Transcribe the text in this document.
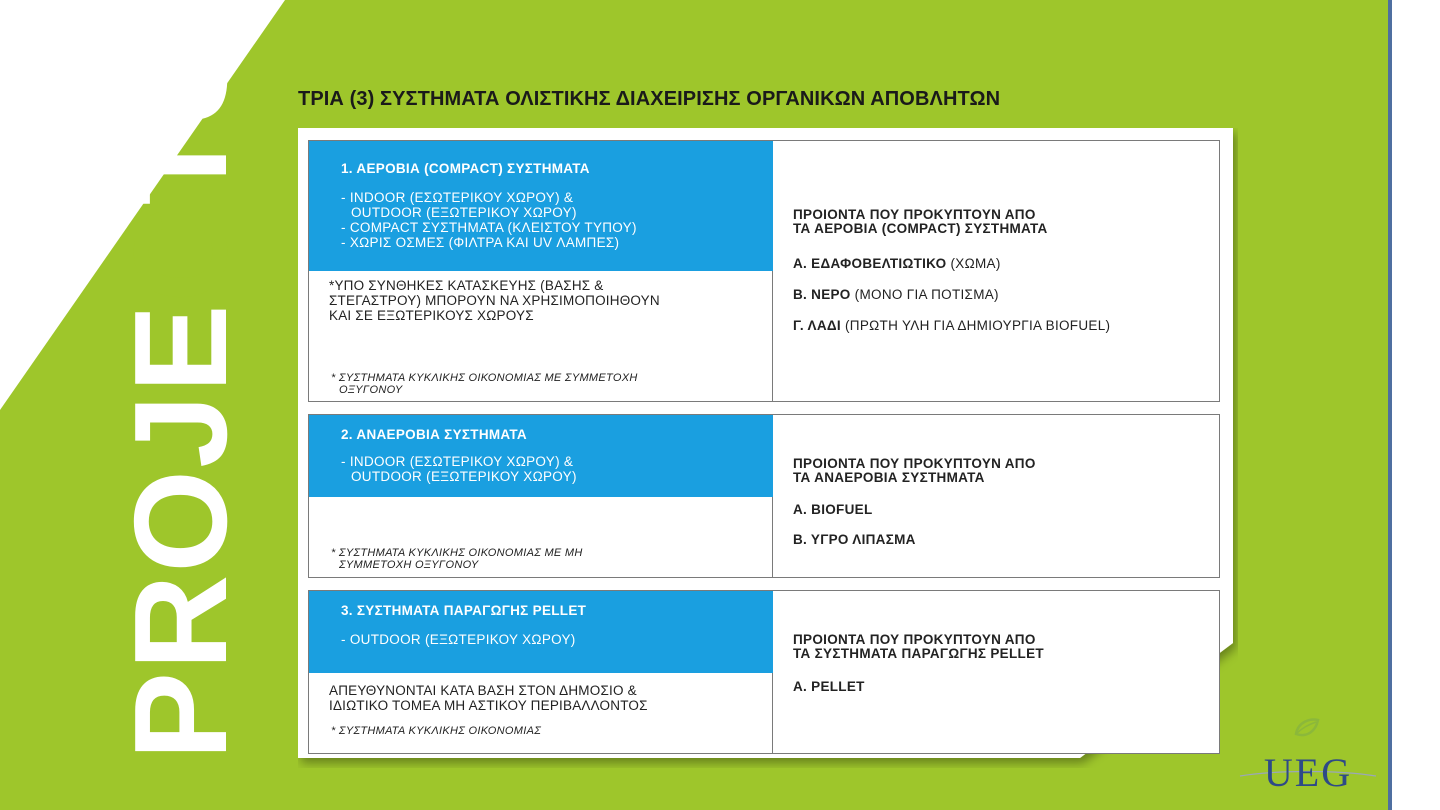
PROJECTS ΤΡΙΑ (3) ΣΥΣΤΗΜΑΤΑ ΟΛΙΣΤΙΚΗΣ ΔΙΑΧΕΙΡΙΣΗΣ ΟΡΓΑΝΙΚΩΝ ΑΠΟΒΛΗΤΩΝ
1. ΑΕΡΟΒΙΑ (COMPACT) ΣΥΣΤΗΜΑΤΑ
- INDOOR (ΕΣΩΤΕΡΙΚΟΥ ΧΩΡΟΥ) &
OUTDOOR (ΕΞΩΤΕΡΙΚΟΥ ΧΩΡΟΥ)
- COMPACT ΣΥΣΤΗΜΑΤΑ (ΚΛΕΙΣΤΟΥ ΤΥΠΟΥ)
- ΧΩΡΙΣ ΟΣΜΕΣ (ΦΙΛΤΡΑ ΚΑΙ UV ΛΑΜΠΕΣ)
*ΥΠΟ ΣΥΝΘΗΚΕΣ ΚΑΤΑΣΚΕΥΗΣ (ΒΑΣΗΣ &
ΣΤΕΓΑΣΤΡΟΥ) ΜΠΟΡΟΥΝ ΝΑ ΧΡΗΣΙΜΟΠΟΙΗΘΟΥΝ
ΚΑΙ ΣΕ ΕΞΩΤΕΡΙΚΟΥΣ ΧΩΡΟΥΣ
* ΣΥΣΤΗΜΑΤΑ ΚΥΚΛΙΚΗΣ ΟΙΚΟΝΟΜΙΑΣ ΜΕ ΣΥΜΜΕΤΟΧΗ
ΟΞΥΓΟΝΟΥ
ΠΡΟΙΟΝΤΑ ΠΟΥ ΠΡΟΚΥΠΤΟΥΝ ΑΠΟ
ΤΑ ΑΕΡΟΒΙΑ (COMPACT) ΣΥΣΤΗΜΑΤΑ
Α. ΕΔΑΦΟΒΕΛΤΙΩΤΙΚΟ (ΧΩΜΑ)
Β. ΝΕΡΟ (ΜΟΝΟ ΓΙΑ ΠΟΤΙΣΜΑ)
Γ. ΛΑΔΙ (ΠΡΩΤΗ ΥΛΗ ΓΙΑ ΔΗΜΙΟΥΡΓΙΑ BIOFUEL)
2. ΑΝΑΕΡΟΒΙΑ ΣΥΣΤΗΜΑΤΑ
- INDOOR (ΕΣΩΤΕΡΙΚΟΥ ΧΩΡΟΥ) &
OUTDOOR (ΕΞΩΤΕΡΙΚΟΥ ΧΩΡΟΥ)
* ΣΥΣΤΗΜΑΤΑ ΚΥΚΛΙΚΗΣ ΟΙΚΟΝΟΜΙΑΣ ΜΕ ΜΗ
ΣΥΜΜΕΤΟΧΗ ΟΞΥΓΟΝΟΥ
ΠΡΟΙΟΝΤΑ ΠΟΥ ΠΡΟΚΥΠΤΟΥΝ ΑΠΟ
ΤΑ ΑΝΑΕΡΟΒΙΑ ΣΥΣΤΗΜΑΤΑ
Α. BIOFUEL
Β. ΥΓΡΟ ΛΙΠΑΣΜΑ
3. ΣΥΣΤΗΜΑΤΑ ΠΑΡΑΓΩΓΗΣ PELLET
- OUTDOOR (ΕΞΩΤΕΡΙΚΟΥ ΧΩΡΟΥ)
ΑΠΕΥΘΥΝΟΝΤΑΙ ΚΑΤΑ ΒΑΣΗ ΣΤΟΝ ΔΗΜΟΣΙΟ &
ΙΔΙΩΤΙΚΟ ΤΟΜΕΑ ΜΗ ΑΣΤΙΚΟΥ ΠΕΡΙΒΑΛΛΟΝΤΟΣ
* ΣΥΣΤΗΜΑΤΑ ΚΥΚΛΙΚΗΣ ΟΙΚΟΝΟΜΙΑΣ
ΠΡΟΙΟΝΤΑ ΠΟΥ ΠΡΟΚΥΠΤΟΥΝ ΑΠΟ
ΤΑ ΣΥΣΤΗΜΑΤΑ ΠΑΡΑΓΩΓΗΣ PELLET
Α. PELLET
UEG
